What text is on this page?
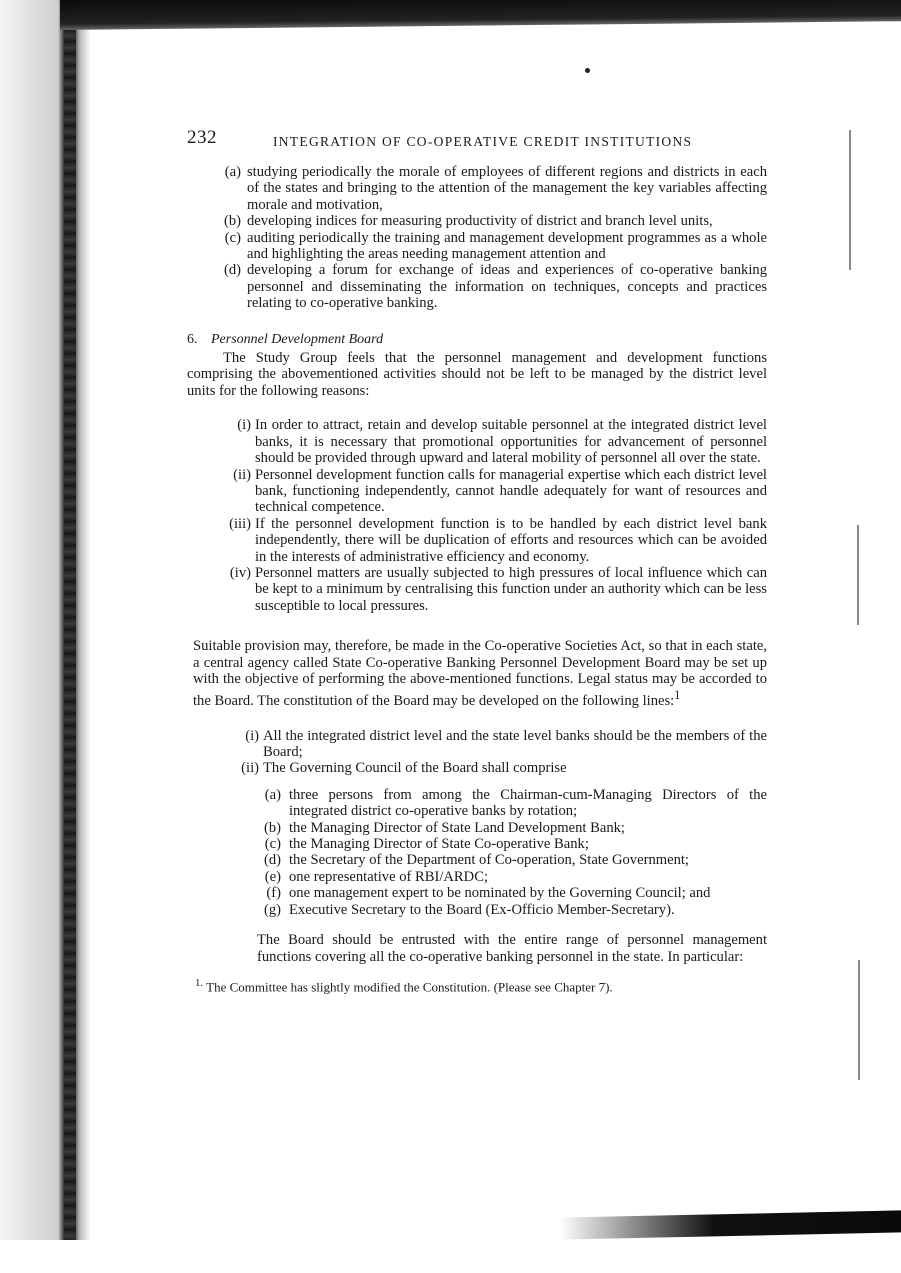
232	INTEGRATION OF CO-OPERATIVE CREDIT INSTITUTIONS
(a) studying periodically the morale of employees of different regions and districts in each of the states and bringing to the attention of the management the key variables affecting morale and motivation,
(b) developing indices for measuring productivity of district and branch level units,
(c) auditing periodically the training and management development programmes as a whole and highlighting the areas needing management attention and
(d) developing a forum for exchange of ideas and experiences of co-operative banking personnel and disseminating the information on techniques, concepts and practices relating to co-operative banking.
6. Personnel Development Board

The Study Group feels that the personnel management and development functions comprising the abovementioned activities should not be left to be managed by the district level units for the following reasons:

(i) In order to attract, retain and develop suitable personnel at the integrated district level banks, it is necessary that promotional opportunities for advancement of personnel should be provided through upward and lateral mobility of personnel all over the state.
(ii) Personnel development function calls for managerial expertise which each district level bank, functioning independently, cannot handle adequately for want of resources and technical competence.
(iii) If the personnel development function is to be handled by each district level bank independently, there will be duplication of efforts and resources which can be avoided in the interests of administrative efficiency and economy.
(iv) Personnel matters are usually subjected to high pressures of local influence which can be kept to a minimum by centralising this function under an authority which can be less susceptible to local pressures.

Suitable provision may, therefore, be made in the Co-operative Societies Act, so that in each state, a central agency called State Co-operative Banking Personnel Development Board may be set up with the objective of performing the above-mentioned functions. Legal status may be accorded to the Board. The constitution of the Board may be developed on the following lines:$^1$

(i) All the integrated district level and the state level banks should be the members of the Board;
(ii) The Governing Council of the Board shall comprise
(a) three persons from among the Chairman-cum-Managing Directors of the integrated district co-operative banks by rotation;
(b) the Managing Director of State Land Development Bank;
(c) the Managing Director of State Co-operative Bank;
(d) the Secretary of the Department of Co-operation, State Government;
(e) one representative of RBI/ARDC;
(f) one management expert to be nominated by the Governing Council; and
(g) Executive Secretary to the Board (Ex-Officio Member-Secretary).

The Board should be entrusted with the entire range of personnel management functions covering all the co-operative banking personnel in the state. In particular:

$^{1.}$ The Committee has slightly modified the Constitution. (Please see Chapter 7).
